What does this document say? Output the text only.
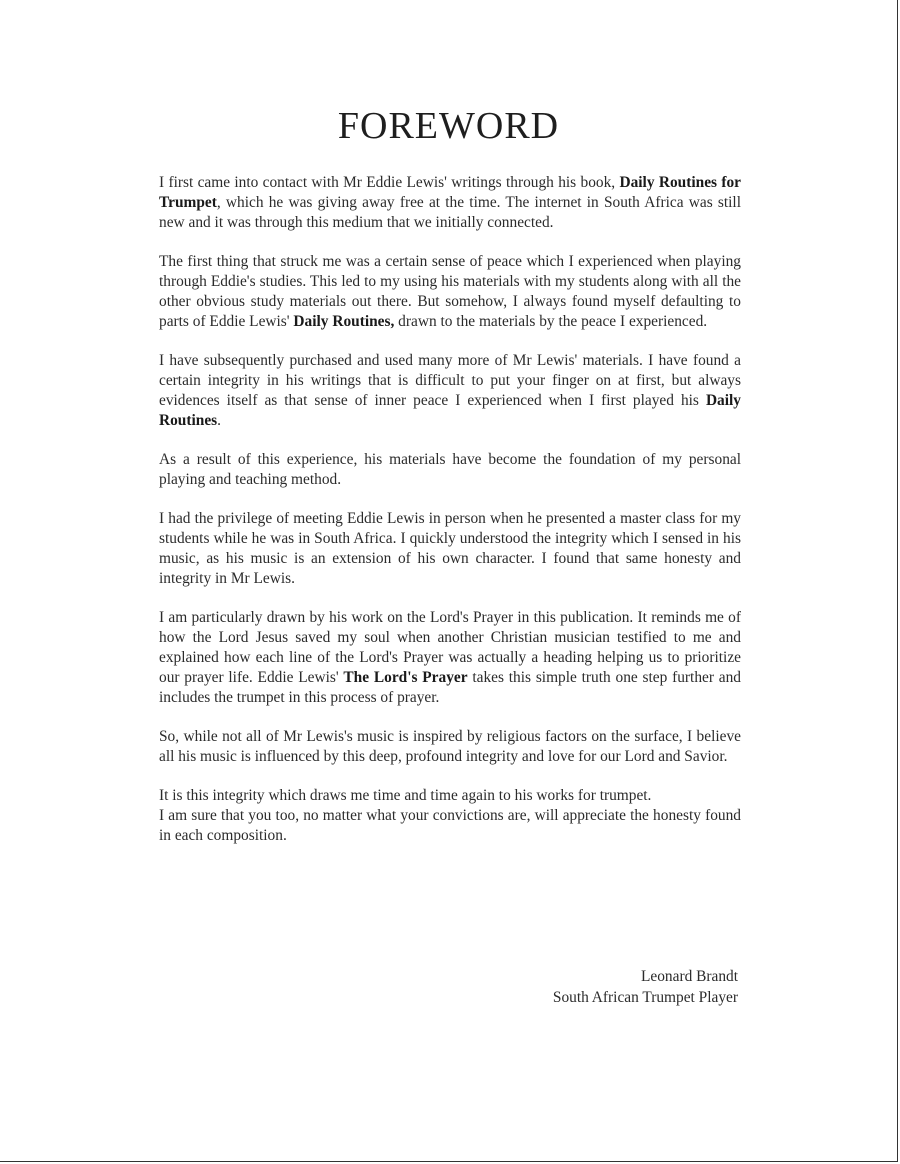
FOREWORD

I first came into contact with Mr Eddie Lewis' writings through his book, Daily Routines for Trumpet, which he was giving away free at the time. The internet in South Africa was still new and it was through this medium that we initially connected.

The first thing that struck me was a certain sense of peace which I experienced when playing through Eddie's studies. This led to my using his materials with my students along with all the other obvious study materials out there. But somehow, I always found myself defaulting to parts of Eddie Lewis' Daily Routines, drawn to the materials by the peace I experienced.

I have subsequently purchased and used many more of Mr Lewis' materials. I have found a certain integrity in his writings that is difficult to put your finger on at first, but always evidences itself as that sense of inner peace I experienced when I first played his Daily Routines.

As a result of this experience, his materials have become the foundation of my personal playing and teaching method.

I had the privilege of meeting Eddie Lewis in person when he presented a master class for my students while he was in South Africa. I quickly understood the integrity which I sensed in his music, as his music is an extension of his own character. I found that same honesty and integrity in Mr Lewis.

I am particularly drawn by his work on the Lord's Prayer in this publication. It reminds me of how the Lord Jesus saved my soul when another Christian musician testified to me and explained how each line of the Lord's Prayer was actually a heading helping us to prioritize our prayer life. Eddie Lewis' The Lord's Prayer takes this simple truth one step further and includes the trumpet in this process of prayer.

So, while not all of Mr Lewis's music is inspired by religious factors on the surface, I believe all his music is influenced by this deep, profound integrity and love for our Lord and Savior.

It is this integrity which draws me time and time again to his works for trumpet.

I am sure that you too, no matter what your convictions are, will appreciate the honesty found in each composition.

Leonard Brandt
South African Trumpet Player
